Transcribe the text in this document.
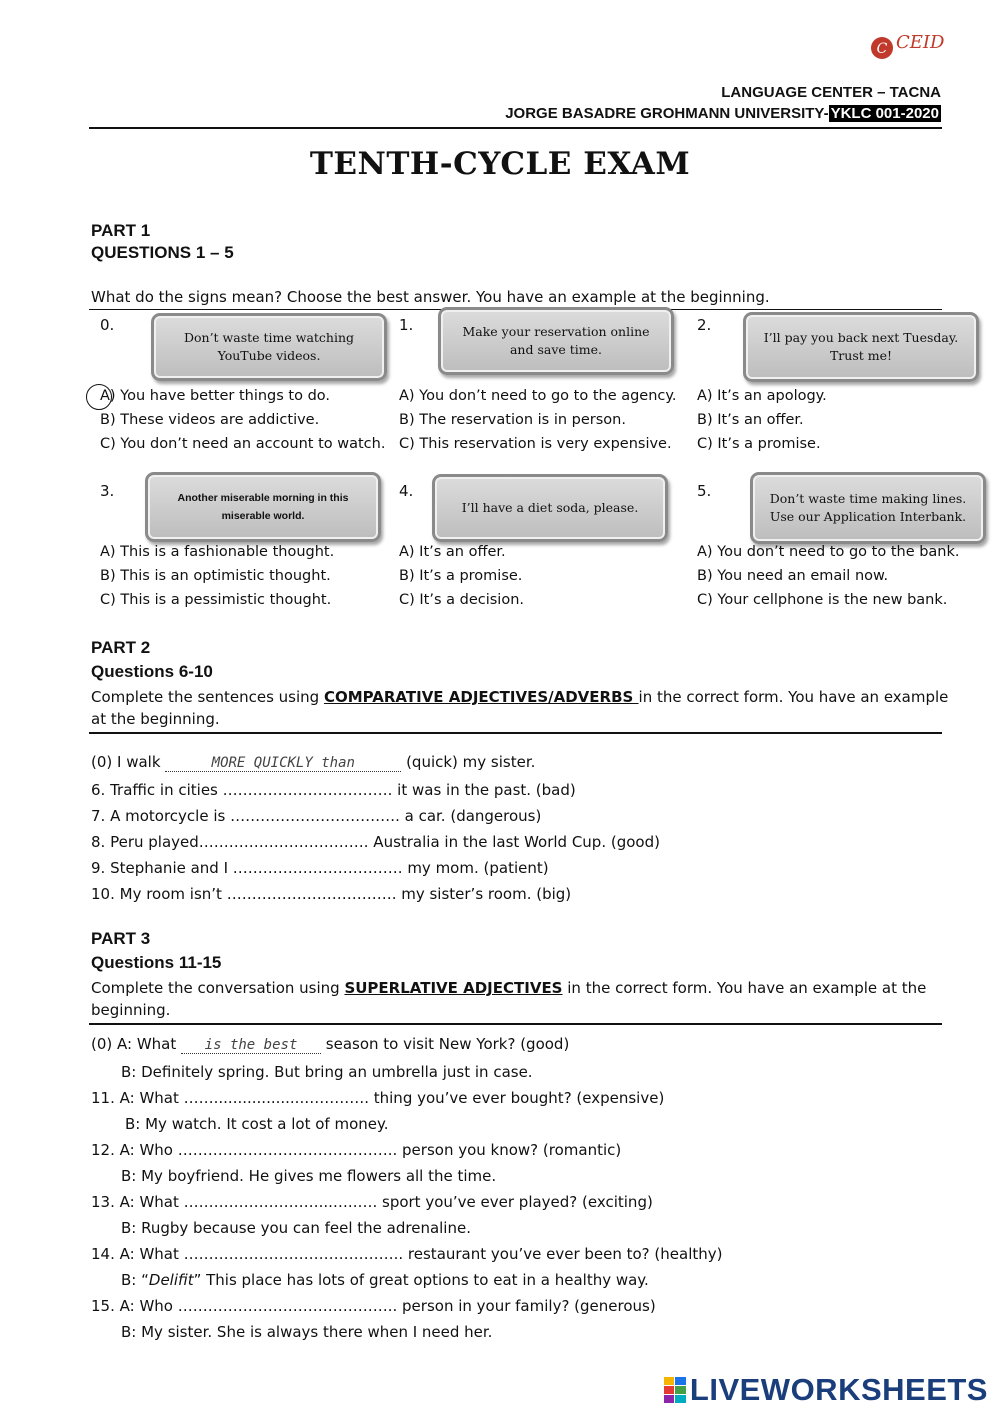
C CEID
LANGUAGE CENTER – TACNA
JORGE BASADRE GROHMANN UNIVERSITY- YKLC 001-2020
TENTH-CYCLE EXAM
PART 1
QUESTIONS 1 – 5
What do the signs mean? Choose the best answer. You have an example at the beginning.
0.
Don’t waste time watching YouTube videos.
1.	Make your reservation online and save time.
2.
I’ll pay you back next Tuesday. Trust me!
A) You have better things to do.
B) These videos are addictive.
C) You don’t need an account to watch.
A) You don’t need to go to the agency.
B) The reservation is in person.
C) This reservation is very expensive.
A) It’s an apology.
B) It’s an offer.
C) It’s a promise.
3.	Another miserable morning in this miserable world.
4.
I’ll have a diet soda, please.
5.	Don’t waste time making lines. Use our Application Interbank.
A) This is a fashionable thought.
B) This is an optimistic thought.
C) This is a pessimistic thought.
A) It’s an offer.
B) It’s a promise.
C) It’s a decision.
A) You don’t need to go to the bank.
B) You need an email now.
C) Your cellphone is the new bank.
PART 2
Questions 6-10
Complete the sentences using COMPARATIVE ADJECTIVES/ADVERBS in the correct form. You have an example
at the beginning.
(0) I walk	MORE QUICKLY than	(quick) my sister.
6. Traffic in cities ……………………………. it was in the past. (bad)
7. A motorcycle is ……………………………. a car. (dangerous)
8. Peru played……………………………. Australia in the last World Cup. (good)
9. Stephanie and I ……………………………. my mom. (patient)
10. My room isn’t ……………………………. my sister’s room. (big)
PART 3
Questions 11-15
Complete the conversation using SUPERLATIVE ADJECTIVES in the correct form. You have an example at the
beginning.
(0) A: What is the best season to visit New York? (good)
B: Definitely spring. But bring an umbrella just in case.
11. A: What ……...................…………. thing you’ve ever bought? (expensive)
B: My watch. It cost a lot of money.
12. A: Who …………………………………….. person you know? (romantic)
B: My boyfriend. He gives me flowers all the time.
13. A: What ………………………...…..…. sport you’ve ever played? (exciting)
B: Rugby because you can feel the adrenaline.
14. A: What …………………………………….. restaurant you’ve ever been to? (healthy)
B: “Delifit” This place has lots of great options to eat in a healthy way.
15. A: Who …………………………………….. person in your family? (generous)
B: My sister. She is always there when I need her.
LIVEWORKSHEETS
